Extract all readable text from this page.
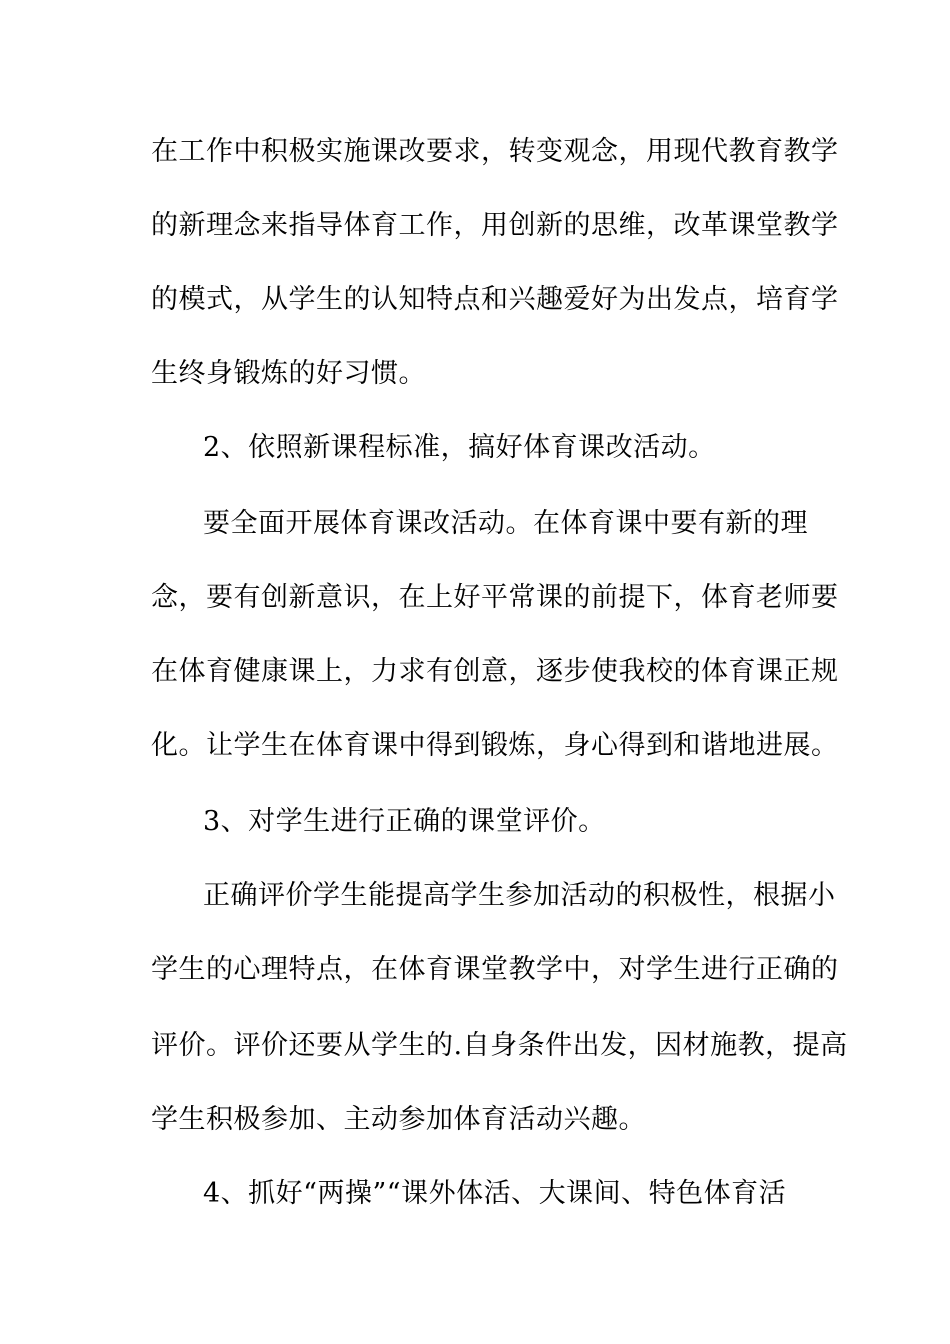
在工作中积极实施课改要求，转变观念，用现代教育教学
的新理念来指导体育工作，用创新的思维，改革课堂教学
的模式，从学生的认知特点和兴趣爱好为出发点，培育学
生终身锻炼的好习惯。
2、依照新课程标准，搞好体育课改活动。
要全面开展体育课改活动。在体育课中要有新的理
念，要有创新意识，在上好平常课的前提下，体育老师要
在体育健康课上，力求有创意，逐步使我校的体育课正规
化。让学生在体育课中得到锻炼，身心得到和谐地进展。
3、对学生进行正确的课堂评价。
正确评价学生能提高学生参加活动的积极性，根据小
学生的心理特点，在体育课堂教学中，对学生进行正确的
评价。评价还要从学生的.自身条件出发，因材施教，提高
学生积极参加、主动参加体育活动兴趣。
4、抓好“两操”“课外体活、大课间、特色体育活
